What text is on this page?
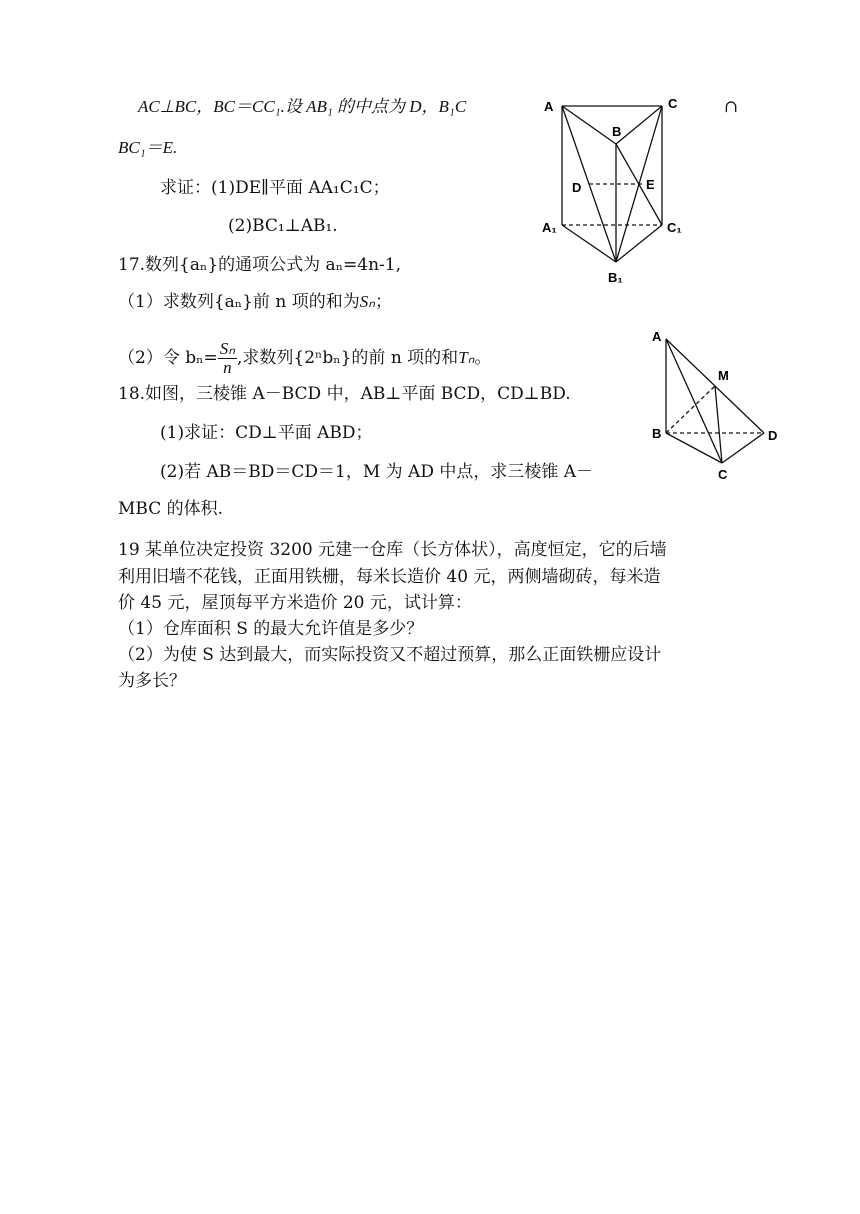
AC⊥BC，BC＝CC₁.设 AB₁ 的中点为 D，B₁C	∩
BC₁＝E.
求证：(1)DE∥平面 AA₁C₁C；
(2)BC₁⊥AB₁.
A	C
B
D	E
A₁	C₁
B₁
17.数列{aₙ}的通项公式为 aₙ=4n-1,
（1）求数列{aₙ}前 n 项的和为Sₙ；
（2）令 $b_n= \frac{\text{Sₙ}}{n}$ ,求数列{2ⁿbₙ}的前 n 项的和Tₙ。
18.如图，三棱锥 A－BCD 中，AB⊥平面 BCD，CD⊥BD.
(1)求证：CD⊥平面 ABD；
(2)若 AB＝BD＝CD＝1，M 为 AD 中点，求三棱锥 A－
MBC 的体积.
A
M
B	D
C
19 某单位决定投资 3200 元建一仓库（长方体状），高度恒定，它的后墙
利用旧墙不花钱，正面用铁栅，每米长造价 40 元，两侧墙砌砖，每米造
价 45 元，屋顶每平方米造价 20 元，试计算：
（1）仓库面积 S 的最大允许值是多少？
（2）为使 S 达到最大，而实际投资又不超过预算，那么正面铁栅应设计
为多长？
